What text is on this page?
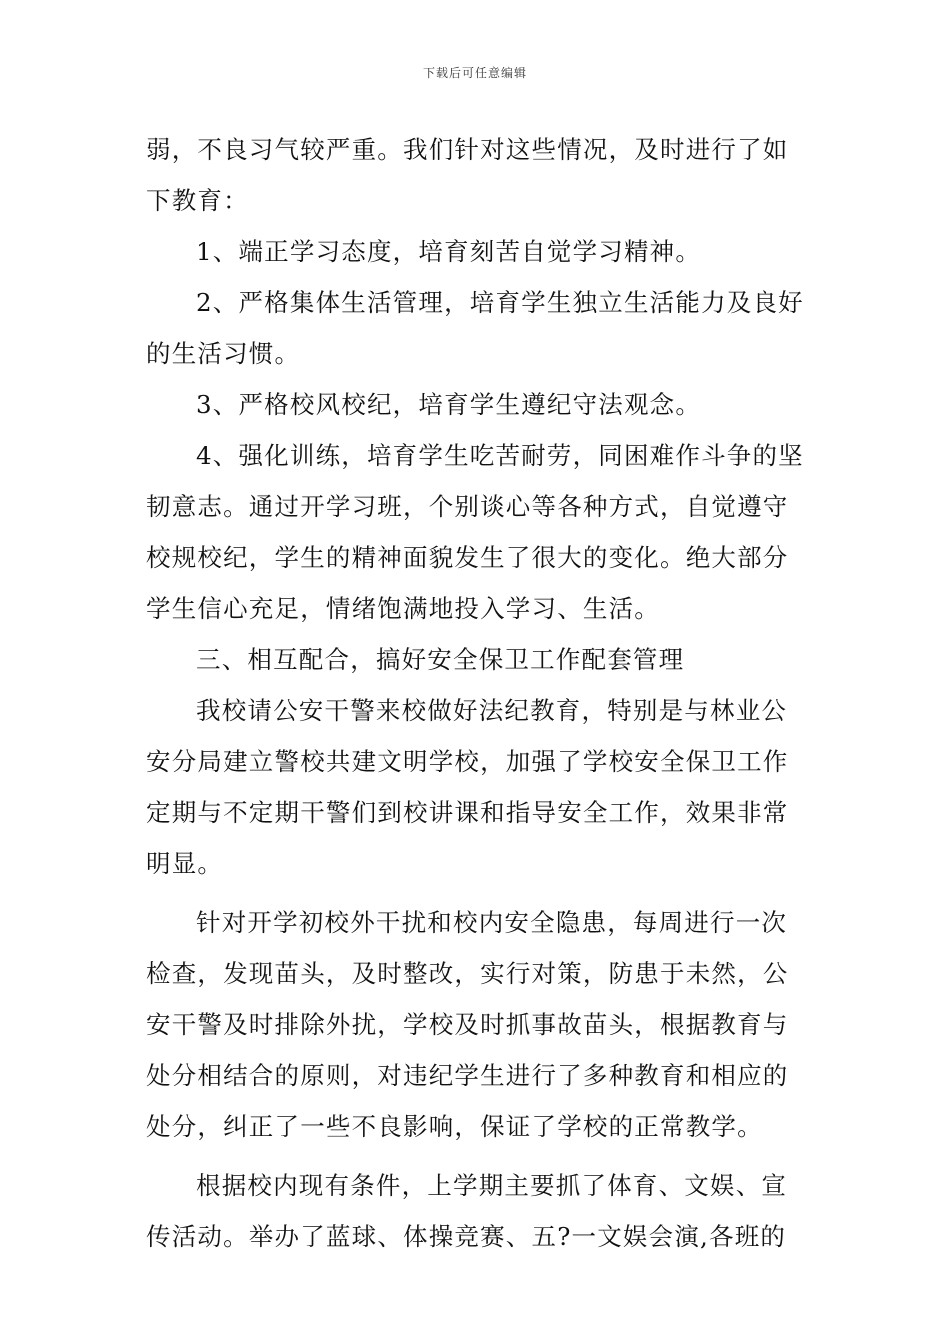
下载后可任意编辑

弱，不良习气较严重。我们针对这些情况，及时进行了如下教育：

1、端正学习态度，培育刻苦自觉学习精神。

2、严格集体生活管理，培育学生独立生活能力及良好的生活习惯。

3、严格校风校纪，培育学生遵纪守法观念。

4、强化训练，培育学生吃苦耐劳，同困难作斗争的坚韧意志。通过开学习班，个别谈心等各种方式，自觉遵守校规校纪，学生的精神面貌发生了很大的变化。绝大部分学生信心充足，情绪饱满地投入学习、生活。

三、相互配合，搞好安全保卫工作配套管理

我校请公安干警来校做好法纪教育，特别是与林业公安分局建立警校共建文明学校，加强了学校安全保卫工作定期与不定期干警们到校讲课和指导安全工作，效果非常明显。

针对开学初校外干扰和校内安全隐患，每周进行一次检查，发现苗头，及时整改，实行对策，防患于未然，公安干警及时排除外扰，学校及时抓事故苗头，根据教育与处分相结合的原则，对违纪学生进行了多种教育和相应的处分，纠正了一些不良影响，保证了学校的正常教学。

根据校内现有条件，上学期主要抓了体育、文娱、宣传活动。举办了蓝球、体操竞赛、五?一文娱会演,各班的
